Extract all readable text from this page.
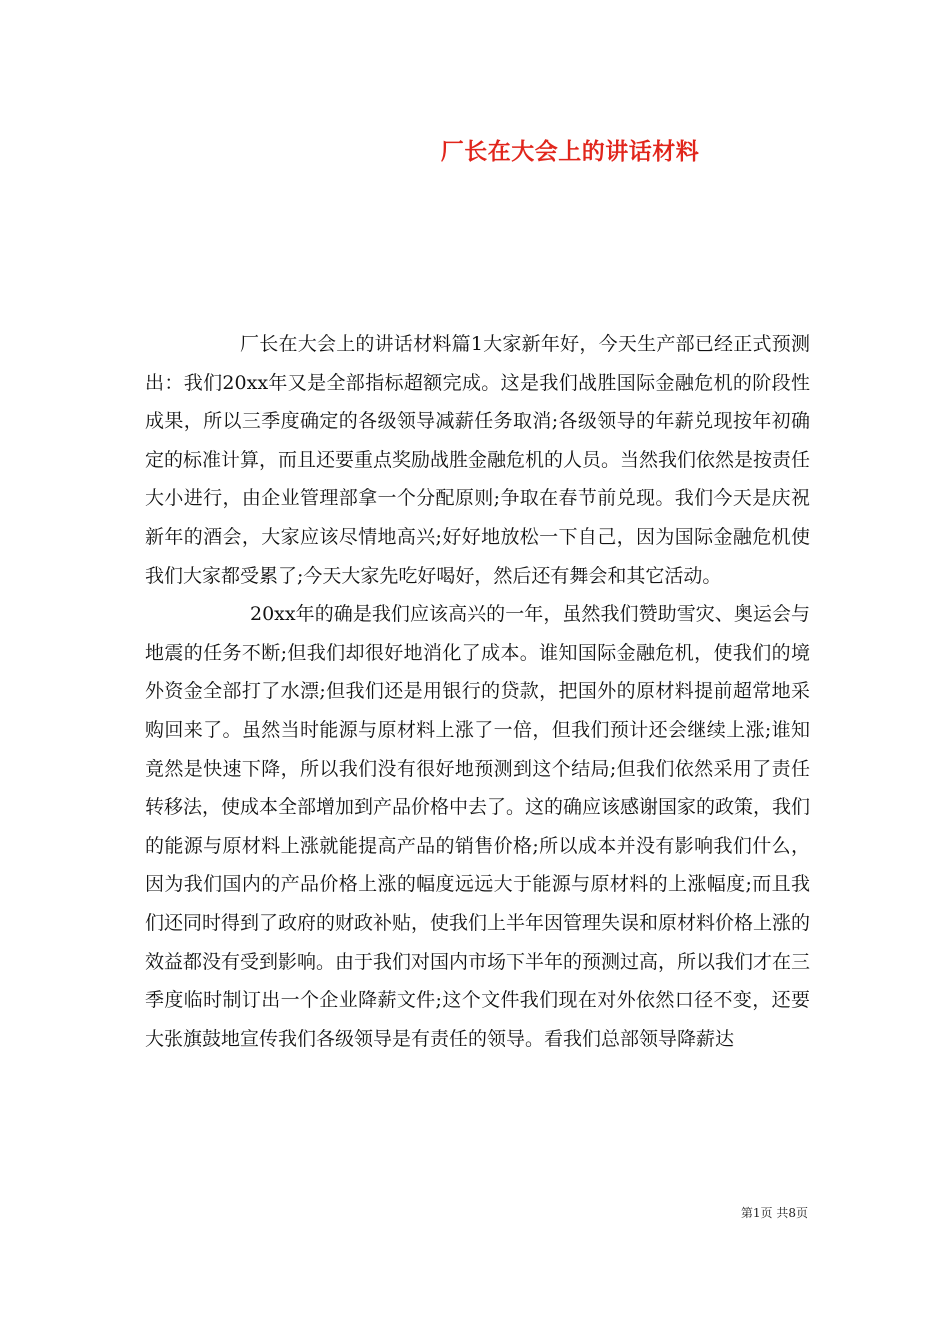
厂长在大会上的讲话材料

厂长在大会上的讲话材料篇1大家新年好，今天生产部已经正式预测出：我们20xx年又是全部指标超额完成。这是我们战胜国际金融危机的阶段性成果，所以三季度确定的各级领导减薪任务取消;各级领导的年薪兑现按年初确定的标准计算，而且还要重点奖励战胜金融危机的人员。当然我们依然是按责任大小进行，由企业管理部拿一个分配原则;争取在春节前兑现。我们今天是庆祝新年的酒会，大家应该尽情地高兴;好好地放松一下自己，因为国际金融危机使我们大家都受累了;今天大家先吃好喝好，然后还有舞会和其它活动。

20xx年的确是我们应该高兴的一年，虽然我们赞助雪灾、奥运会与地震的任务不断;但我们却很好地消化了成本。谁知国际金融危机，使我们的境外资金全部打了水漂;但我们还是用银行的贷款，把国外的原材料提前超常地采购回来了。虽然当时能源与原材料上涨了一倍，但我们预计还会继续上涨;谁知竟然是快速下降，所以我们没有很好地预测到这个结局;但我们依然采用了责任转移法，使成本全部增加到产品价格中去了。这的确应该感谢国家的政策，我们的能源与原材料上涨就能提高产品的销售价格;所以成本并没有影响我们什么，因为我们国内的产品价格上涨的幅度远远大于能源与原材料的上涨幅度;而且我们还同时得到了政府的财政补贴，使我们上半年因管理失误和原材料价格上涨的效益都没有受到影响。由于我们对国内市场下半年的预测过高，所以我们才在三季度临时制订出一个企业降薪文件;这个文件我们现在对外依然口径不变，还要大张旗鼓地宣传我们各级领导是有责任的领导。看我们总部领导降薪达

第1页 共8页
